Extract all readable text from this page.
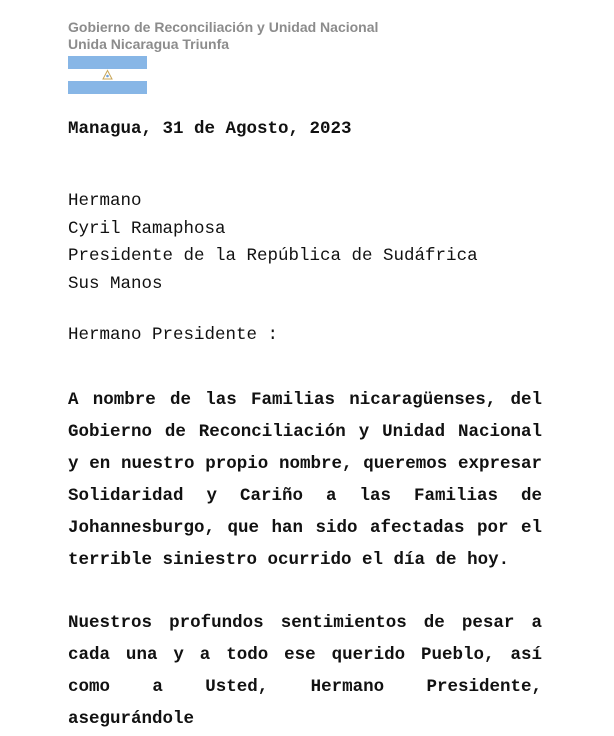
Gobierno de Reconciliación y Unidad Nacional
Unida Nicaragua Triunfa
Managua, 31 de Agosto, 2023
Hermano
Cyril Ramaphosa
Presidente de la República de Sudáfrica
Sus Manos
Hermano Presidente :
A nombre de las Familias nicaragüenses, del Gobierno de Reconciliación y Unidad Nacional y en nuestro propio nombre, queremos expresar Solidaridad y Cariño a las Familias de Johannesburgo, que han sido afectadas por el terrible siniestro ocurrido el día de hoy.
Nuestros profundos sentimientos de pesar a cada una y a todo ese querido Pueblo, así como a Usted, Hermano Presidente, asegurándole
